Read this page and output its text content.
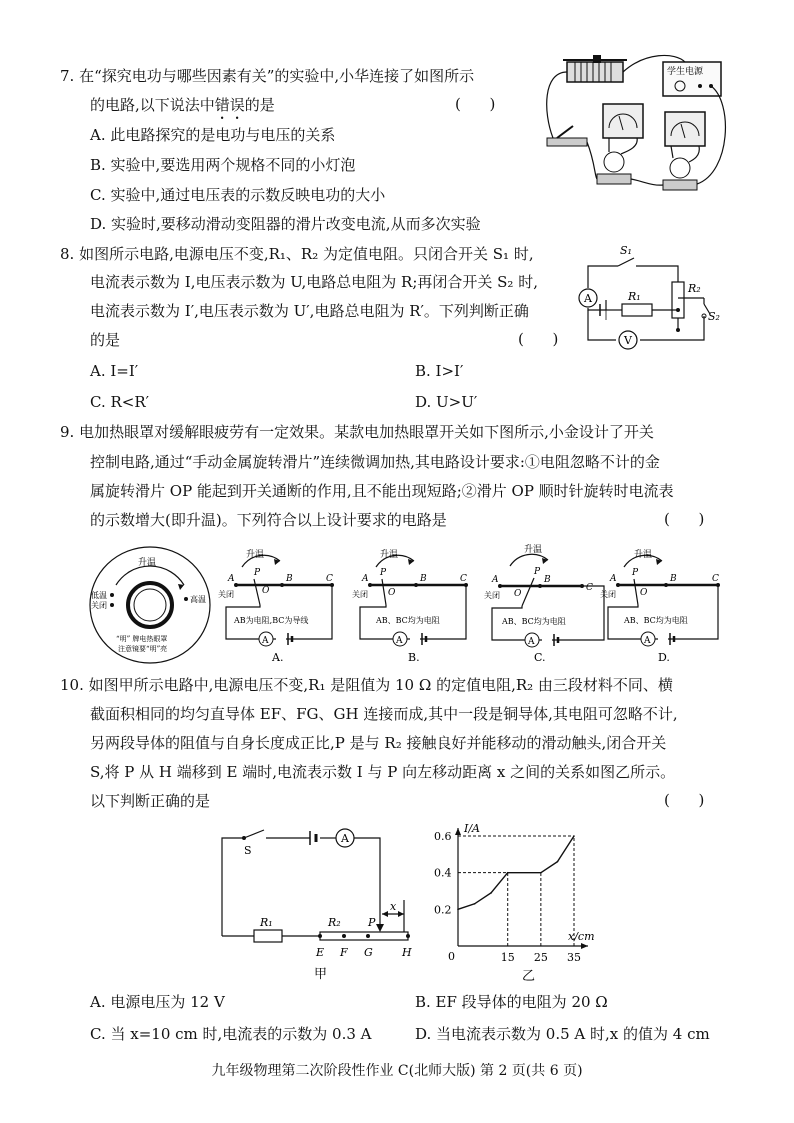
7. 在“探究电功与哪些因素有关”的实验中,小华连接了如图所示
的电路,以下说法中错误的是	(      )
A. 此电路探究的是电功与电压的关系
B. 实验中,要选用两个规格不同的小灯泡
C. 实验中,通过电压表的示数反映电功的大小
D. 实验时,要移动滑动变阻器的滑片改变电流,从而多次实验
学生电源
8. 如图所示电路,电源电压不变,R₁、R₂ 为定值电阻。只闭合开关 S₁ 时,
电流表示数为 I,电压表示数为 U,电路总电阻为 R;再闭合开关 S₂ 时,
电流表示数为 I′,电压表示数为 U′,电路总电阻为 R′。下列判断正确
的是	(      )
A. I=I′	B. I>I′
C. R<R′	D. U>U′
A
V
S₁
S₂
R₁
R₂
9. 电加热眼罩对缓解眼疲劳有一定效果。某款电加热眼罩开关如下图所示,小金设计了开关
控制电路,通过“手动金属旋转滑片”连续微调加热,其电路设计要求:①电阻忽略不计的金
属旋转滑片 OP 能起到开关通断的作用,且不能出现短路;②滑片 OP 顺时针旋转时电流表
的示数增大(即升温)。下列符合以上设计要求的电路是	(      )
升温
低温
关闭
高温
“明” 牌电热眼罩
注意镜要“明”亮
升温
A	B	C
O
P
关闭
A
AB为电阻,BC为导线
A.
升温
A	B	C
O
P
关闭
A
AB、BC均为电阻
B.
升温
A	B
C
O
P
关闭
A
AB、BC均为电阻
C.
升温
A	B	C
O
P
关闭
A
AB、BC均为电阻
D.
10. 如图甲所示电路中,电源电压不变,R₁ 是阻值为 10 Ω 的定值电阻,R₂ 由三段材料不同、横
截面积相同的均匀直导体 EF、FG、GH 连接而成,其中一段是铜导体,其电阻可忽略不计,
另两段导体的阻值与自身长度成正比,P 是与 R₂ 接触良好并能移动的滑动触头,闭合开关
S,将 P 从 H 端移到 E 端时,电流表示数 I 与 P 向左移动距离 x 之间的关系如图乙所示。
以下判断正确的是	(      )
A
S
R₁	R₂ P
x
E F G	H
甲
I/A
x/cm
0
乙
15 25 35
0.2
0.4
0.6
A. 电源电压为 12 V	B. EF 段导体的电阻为 20 Ω
C. 当 x=10 cm 时,电流表的示数为 0.3 A	D. 当电流表示数为 0.5 A 时,x 的值为 4 cm
九年级物理第二次阶段性作业 C(北师大版) 第 2 页(共 6 页)
